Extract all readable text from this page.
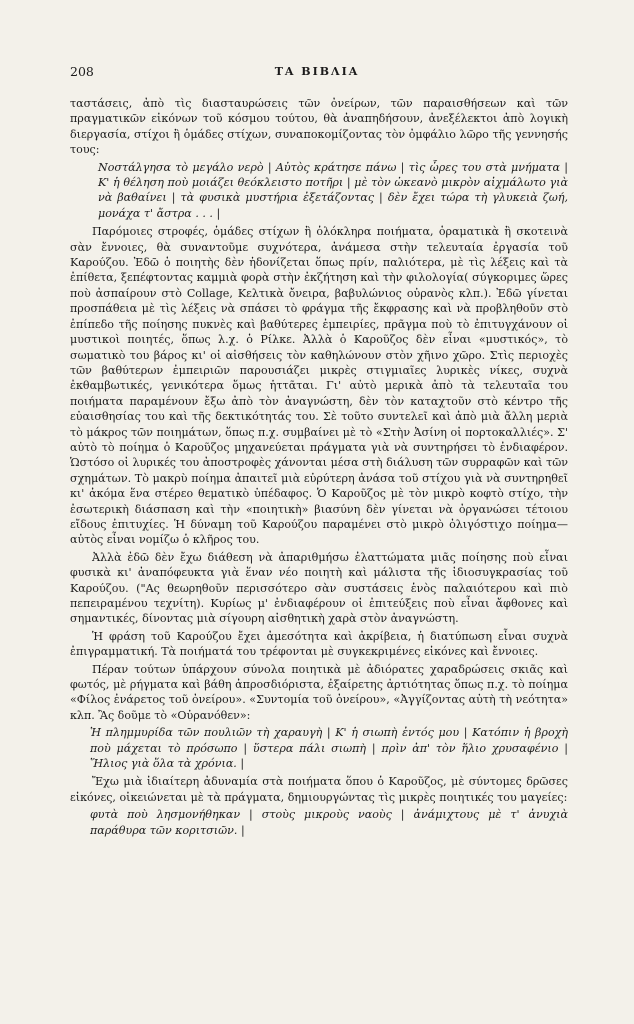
208	ΤΑ ΒΙΒΛΙΑ

ταστάσεις, ἀπὸ τὶς διασταυρώσεις τῶν ὀνείρων, τῶν παραισθήσεων καὶ τῶν πραγματικῶν εἰκόνων τοῦ κόσμου τούτου, θὰ ἀναπηδήσουν, ἀνεξέλεκτοι ἀπὸ λογικὴ διεργασία, στίχοι ἢ ὁμάδες στίχων, συναποκομίζοντας τὸν ὀμφάλιο λῶρο τῆς γεννησής τους:

Νοστάλγησα τὸ μεγάλο νερὸ | Αὐτὸς κράτησε πάνω | τὶς ὧρες του στὰ μνήματα | Κ' ἡ θέληση ποὺ μοιάζει θεόκλειστο ποτῆρι | μὲ τὸν ὠκεανὸ μικρὸν αἰχμάλωτο γιὰ νὰ βαθαίνει | τὰ φυσικὰ μυστήρια ἐξετάζοντας | δὲν ἔχει τώρα τὴ γλυκειὰ ζωή, μονάχα τ' ἄστρα . . . |

Παρόμοιες στροφές, ὁμάδες στίχων ἢ ὁλόκληρα ποιήματα, ὁραματικὰ ἢ σκοτεινὰ σὰν ἔννοιες, θὰ συναντοῦμε συχνότερα, ἀνάμεσα στὴν τελευταία ἐργασία τοῦ Καρούζου. Ἐδῶ ὁ ποιητὴς δὲν ἡδονίζεται ὅπως πρίν, παλιότερα, μὲ τὶς λέξεις καὶ τὰ ἐπίθετα, ξεπέφτοντας καμμιὰ φορὰ στὴν ἐκζήτηση καὶ τὴν φιλολογία( σύγκοριμες ὥρες ποὺ ἀσπαίρουν στὸ Collage, Κελτικὰ ὄνειρα, βαβυλώνιος οὐρανὸς κλπ.). Ἐδῶ γίνεται προσπάθεια μὲ τὶς λέξεις νὰ σπάσει τὸ φράγμα τῆς ἔκφρασης καὶ νὰ προβληθοῦν στὸ ἐπίπεδο τῆς ποίησης πυκνὲς καὶ βαθύτερες ἐμπειρίες, πρᾶγμα ποὺ τὸ ἐπιτυγχάνουν οἱ μυστικοὶ ποιητές, ὅπως λ.χ. ὁ Ρίλκε. Ἀλλὰ ὁ Καροῦζος δὲν εἶναι «μυστικός», τὸ σωματικὸ του βάρος κι' οἱ αἰσθήσεις τὸν καθηλώνουν στὸν χῆινο χῶρο. Στὶς περιοχὲς τῶν βαθύτερων ἐμπειριῶν παρουσιάζει μικρὲς στιγμιαῖες λυρικὲς νίκες, συχνὰ ἐκθαμβωτικές, γενικότερα ὅμως ἡττᾶται. Γι' αὐτὸ μερικὰ ἀπὸ τὰ τελευταῖα του ποιήματα παραμένουν ἔξω ἀπὸ τὸν ἀναγνώστη, δὲν τὸν καταχτοῦν στὸ κέντρο τῆς εὐαισθησίας του καὶ τῆς δεκτικότητάς του. Σὲ τοῦτο συντελεῖ καὶ ἀπὸ μιὰ ἄλλη μεριὰ τὸ μάκρος τῶν ποιημάτων, ὅπως π.χ. συμβαίνει μὲ τὸ «Στὴν Ἀσίνη οἱ πορτοκαλλιές». Σ' αὐτὸ τὸ ποίημα ὁ Καροῦζος μηχανεύεται πράγματα γιὰ νὰ συντηρήσει τὸ ἐνδιαφέρον. Ὡστόσο οἱ λυρικές του ἀποστροφὲς χάνονται μέσα στὴ διάλυση τῶν συρραφῶν καὶ τῶν σχημάτων. Τὸ μακρὺ ποίημα ἀπαιτεῖ μιὰ εὐρύτερη ἀνάσα τοῦ στίχου γιὰ νὰ συντηρηθεῖ κι' ἀκόμα ἕνα στέρεο θεματικὸ ὑπέδαφος. Ὁ Καροῦζος μὲ τὸν μικρὸ κοφτὸ στίχο, τὴν ἐσωτερικὴ διάσπαση καὶ τὴν «ποιητικὴ» βιασύνη δὲν γίνεται νὰ ὀργανώσει τέτοιου εἴδους ἐπιτυχίες. Ἡ δύναμη τοῦ Καρούζου παραμένει στὸ μικρὸ ὀλιγόστιχο ποίημα—αὐτὸς εἶναι νομίζω ὁ κλῆρος του.

Ἀλλὰ ἐδῶ δὲν ἔχω διάθεση νὰ ἀπαριθμήσω ἐλαττώματα μιᾶς ποίησης ποὺ εἶναι φυσικὰ κι' ἀναπόφευκτα γιὰ ἕναν νέο ποιητὴ καὶ μάλιστα τῆς ἰδιοσυγκρασίας τοῦ Καρούζου. ("Ας θεωρηθοῦν περισσότερο σὰν συστάσεις ἑνὸς παλαιότερου καὶ πιὸ πεπειραμένου τεχνίτη). Κυρίως μ' ἐνδιαφέρουν οἱ ἐπιτεύξεις ποὺ εἶναι ἄφθονες καὶ σημαντικές, δίνοντας μιὰ σίγουρη αἰσθητικὴ χαρὰ στὸν ἀναγνώστη.

Ἡ φράση τοῦ Καρούζου ἔχει ἀμεσότητα καὶ ἀκρίβεια, ἡ διατύπωση εἶναι συχνὰ ἐπιγραμματική. Τὰ ποιήματά του τρέφονται μὲ συγκεκριμένες εἰκόνες καὶ ἔννοιες.

Πέραν τούτων ὑπάρχουν σύνολα ποιητικὰ μὲ ἀδιόρατες χαραδρώσεις σκιᾶς καὶ φωτός, μὲ ρήγματα καὶ βάθη ἀπροσδιόριστα, ἐξαίρετης ἀρτιότητας ὅπως π.χ. τὸ ποίημα «Φίλος ἐνάρετος τοῦ ὀνείρου». «Συντομία τοῦ ὀνείρου», «Ἀγγίζοντας αὐτὴ τὴ νεότητα» κλπ. Ἂς δοῦμε τὸ «Οὐρανόθεν»:

Ἡ πλημμυρίδα τῶν πουλιῶν τὴ χαραυγὴ | Κ' ἡ σιωπὴ ἐντός μου | Κατόπιν ἡ βροχὴ ποὺ μάχεται τὸ πρόσωπο | ὕστερα πάλι σιωπὴ | πρὶν ἀπ' τὸν ἥλιο χρυσαφένιο | Ἥλιος γιὰ ὅλα τὰ χρόνια. |

Ἔχω μιὰ ἰδιαίτερη ἀδυναμία στὰ ποιήματα ὅπου ὁ Καροῦζος, μὲ σύντομες δρῶσες εἰκόνες, οἰκειώνεται μὲ τὰ πράγματα, δημιουργώντας τὶς μικρὲς ποιητικές του μαγείες:

φυτὰ ποὺ λησμονήθηκαν | στοὺς μικροὺς ναοὺς | ἀνάμιχτους μὲ τ' ἀνυχιὰ παράθυρα τῶν κοριτσιῶν. |
